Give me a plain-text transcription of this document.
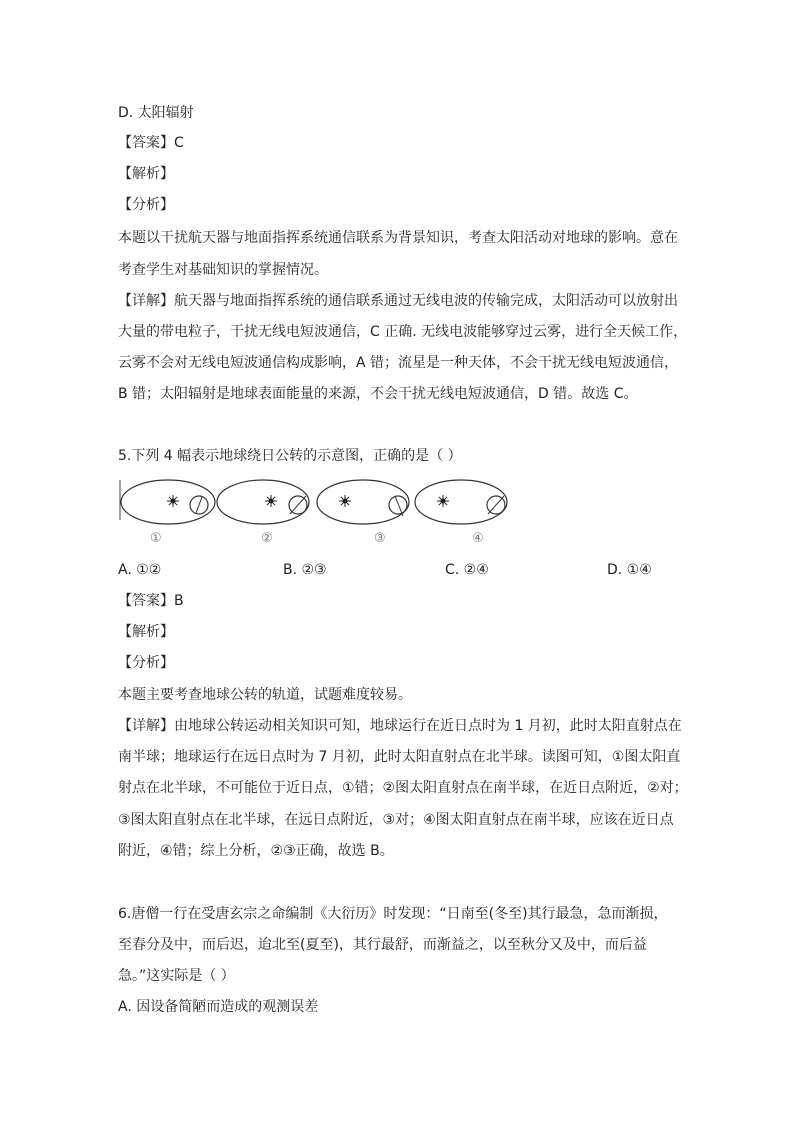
D. 太阳辐射
【答案】C
【解析】
【分析】
本题以干扰航天器与地面指挥系统通信联系为背景知识，考查太阳活动对地球的影响。意在
考查学生对基础知识的掌握情况。
【详解】航天器与地面指挥系统的通信联系通过无线电波的传输完成，太阳活动可以放射出
大量的带电粒子，干扰无线电短波通信，C 正确. 无线电波能够穿过云雾，进行全天候工作，
云雾不会对无线电短波通信构成影响，A 错；流星是一种天体，不会干扰无线电短波通信，
B 错；太阳辐射是地球表面能量的来源，不会干扰无线电短波通信，D 错。故选 C。
5.下列 4 幅表示地球绕日公转的示意图，正确的是（ ）
①	②	③	④
A. ①②	B. ②③	C. ②④	D. ①④
【答案】B
【解析】
【分析】
本题主要考查地球公转的轨道，试题难度较易。
【详解】由地球公转运动相关知识可知，地球运行在近日点时为 1 月初，此时太阳直射点在
南半球；地球运行在远日点时为 7 月初，此时太阳直射点在北半球。读图可知，①图太阳直
射点在北半球，不可能位于近日点，①错；②图太阳直射点在南半球，在近日点附近，②对；
③图太阳直射点在北半球，在远日点附近，③对；④图太阳直射点在南半球，应该在近日点
附近，④错；综上分析，②③正确，故选 B。
6.唐僧一行在受唐玄宗之命编制《大衍历》时发现：“日南至(冬至)其行最急，急而渐损，
至春分及中，而后迟，迨北至(夏至)，其行最舒，而渐益之，以至秋分又及中，而后益
急。”这实际是（ ）
A. 因设备简陋而造成的观测误差
